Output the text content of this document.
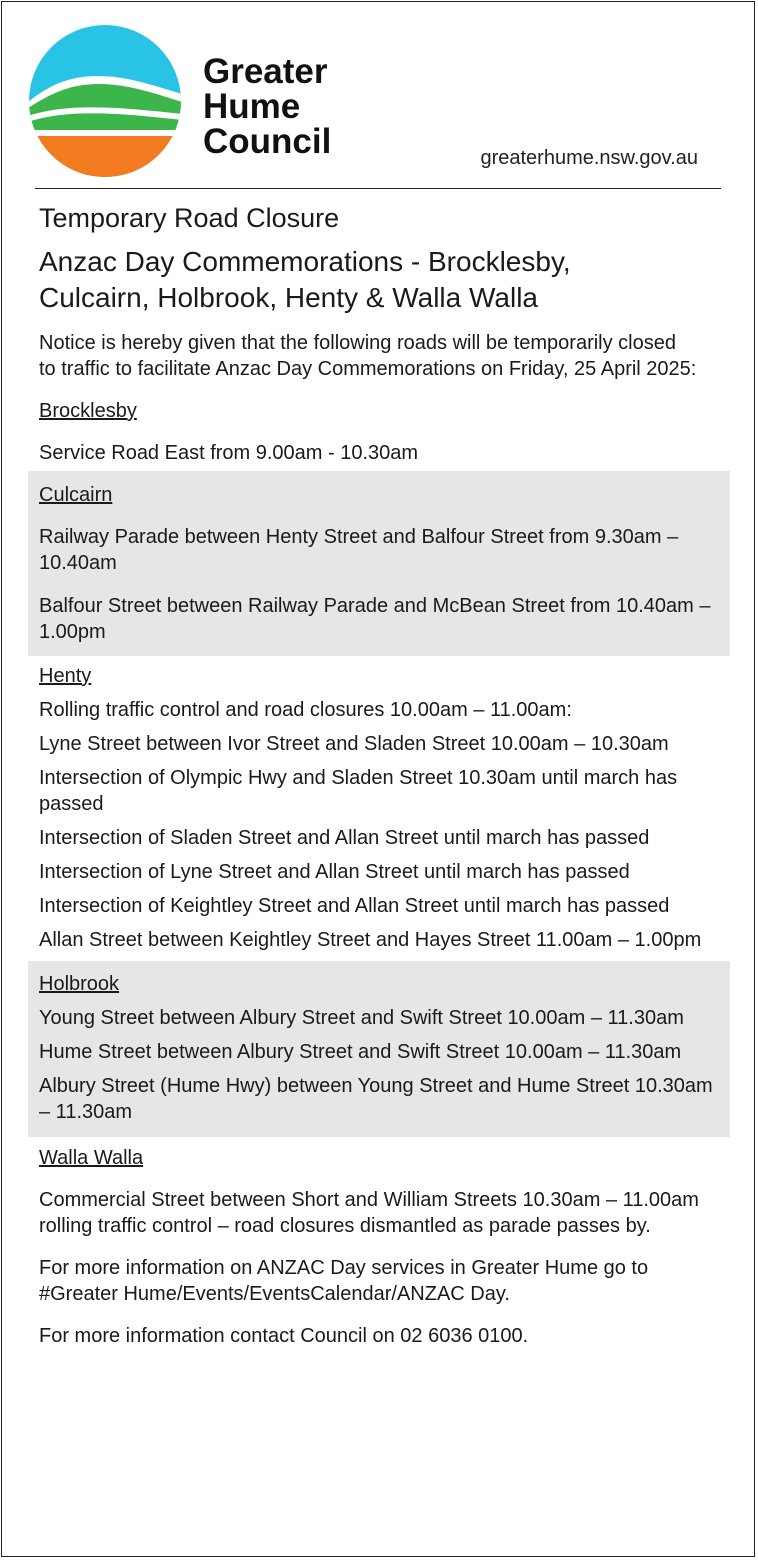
Greater
Hume
Council	greaterhume.nsw.gov.au
Temporary Road Closure
Anzac Day Commemorations - Brocklesby, Culcairn, Holbrook, Henty & Walla Walla

Notice is hereby given that the following roads will be temporarily closed to traffic to facilitate Anzac Day Commemorations on Friday, 25 April 2025:

Brocklesby

Service Road East from 9.00am - 10.30am

Culcairn

Railway Parade between Henty Street and Balfour Street from 9.30am – 10.40am

Balfour Street between Railway Parade and McBean Street from 10.40am – 1.00pm

Henty

Rolling traffic control and road closures 10.00am – 11.00am:

Lyne Street between Ivor Street and Sladen Street 10.00am – 10.30am

Intersection of Olympic Hwy and Sladen Street 10.30am until march has passed

Intersection of Sladen Street and Allan Street until march has passed

Intersection of Lyne Street and Allan Street until march has passed

Intersection of Keightley Street and Allan Street until march has passed

Allan Street between Keightley Street and Hayes Street 11.00am – 1.00pm

Holbrook

Young Street between Albury Street and Swift Street 10.00am – 11.30am

Hume Street between Albury Street and Swift Street 10.00am – 11.30am

Albury Street (Hume Hwy) between Young Street and Hume Street 10.30am – 11.30am

Walla Walla

Commercial Street between Short and William Streets 10.30am – 11.00am rolling traffic control – road closures dismantled as parade passes by.

For more information on ANZAC Day services in Greater Hume go to #Greater Hume/Events/EventsCalendar/ANZAC Day.

For more information contact Council on 02 6036 0100.
